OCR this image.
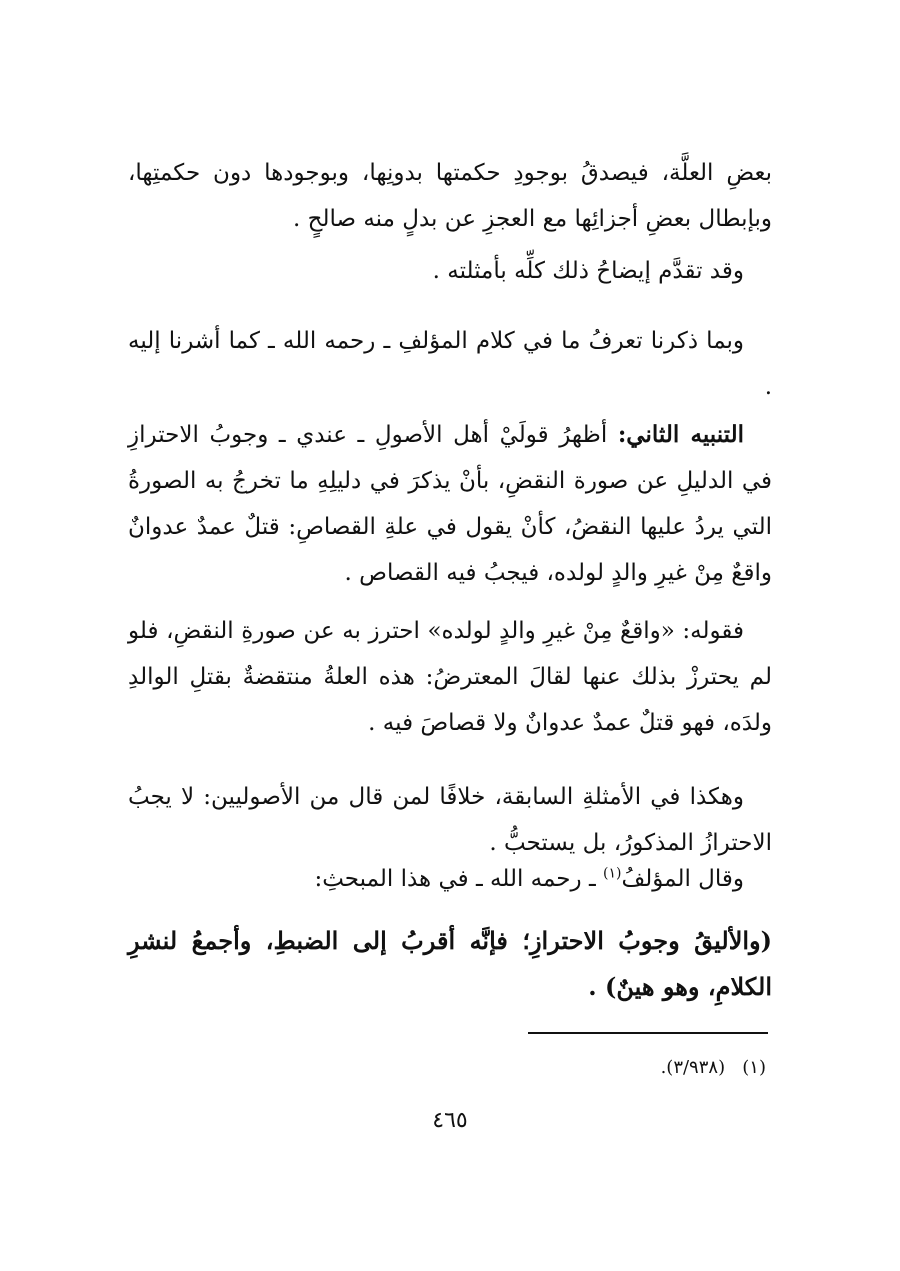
بعضِ العلَّة، فيصدقُ بوجودِ حكمتها بدونِها، وبوجودها دون حكمتِها، وبإبطال بعضِ أجزائِها مع العجزِ عن بدلٍ منه صالحٍ .

وقد تقدَّم إيضاحُ ذلك كلِّه بأمثلته .

وبما ذكرنا تعرفُ ما في كلام المؤلفِ ـ رحمه الله ـ كما أشرنا إليه .

التنبيه الثاني: أظهرُ قولَيْ أهل الأصولِ ـ عندي ـ وجوبُ الاحترازِ في الدليلِ عن صورة النقضِ، بأنْ يذكرَ في دليلِهِ ما تخرجُ به الصورةُ التي يردُ عليها النقضُ، كأنْ يقول في علةِ القصاصِ: قتلٌ عمدٌ عدوانٌ واقعٌ مِنْ غيرِ والدٍ لولده، فيجبُ فيه القصاص .

فقوله: «واقعٌ مِنْ غيرِ والدٍ لولده» احترز به عن صورةِ النقضِ، فلو لم يحترزْ بذلك عنها لقالَ المعترضُ: هذه العلةُ منتقضةٌ بقتلِ الوالدِ ولدَه، فهو قتلٌ عمدٌ عدوانٌ ولا قصاصَ فيه .

وهكذا في الأمثلةِ السابقة، خلافًا لمن قال من الأصوليين: لا يجبُ الاحترازُ المذكورُ، بل يستحبُّ .

وقال المؤلفُ$^{(١)}$ ـ رحمه الله ـ في هذا المبحثِ:

(والأليقُ وجوبُ الاحترازِ؛ فإنَّه أقربُ إلى الضبطِ، وأجمعُ لنشرِ الكلامِ، وهو هينٌ) .

(١)   (٣/٩٣٨).

٤٦٥
